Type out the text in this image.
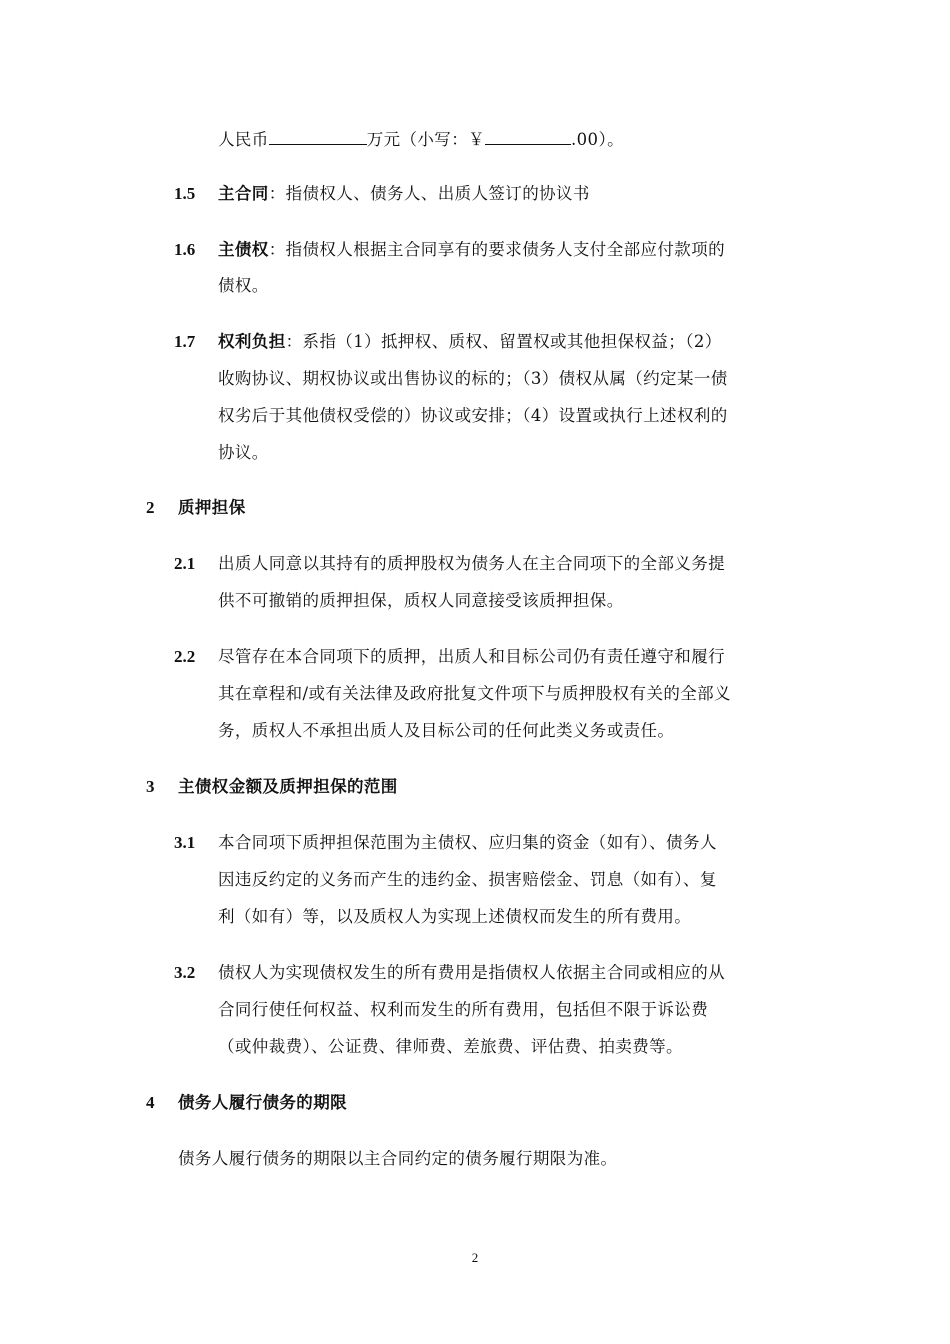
人民币	万元（小写：￥	.00）。
1.5 主合同：指债权人、债务人、出质人签订的协议书
1.6 主债权：指债权人根据主合同享有的要求债务人支付全部应付款项的
债权。
1.7 权利负担：系指（1）抵押权、质权、留置权或其他担保权益；（2）
收购协议、期权协议或出售协议的标的；（3）债权从属（约定某一债
权劣后于其他债权受偿的）协议或安排；（4）设置或执行上述权利的
协议。
2 质押担保
2.1 出质人同意以其持有的质押股权为债务人在主合同项下的全部义务提
供不可撤销的质押担保，质权人同意接受该质押担保。
2.2 尽管存在本合同项下的质押，出质人和目标公司仍有责任遵守和履行
其在章程和/或有关法律及政府批复文件项下与质押股权有关的全部义
务，质权人不承担出质人及目标公司的任何此类义务或责任。
3 主债权金额及质押担保的范围
3.1 本合同项下质押担保范围为主债权、应归集的资金（如有）、债务人
因违反约定的义务而产生的违约金、损害赔偿金、罚息（如有）、复
利（如有）等，以及质权人为实现上述债权而发生的所有费用。
3.2 债权人为实现债权发生的所有费用是指债权人依据主合同或相应的从
合同行使任何权益、权利而发生的所有费用，包括但不限于诉讼费
（或仲裁费）、公证费、律师费、差旅费、评估费、拍卖费等。
4 债务人履行债务的期限
债务人履行债务的期限以主合同约定的债务履行期限为准。
2
